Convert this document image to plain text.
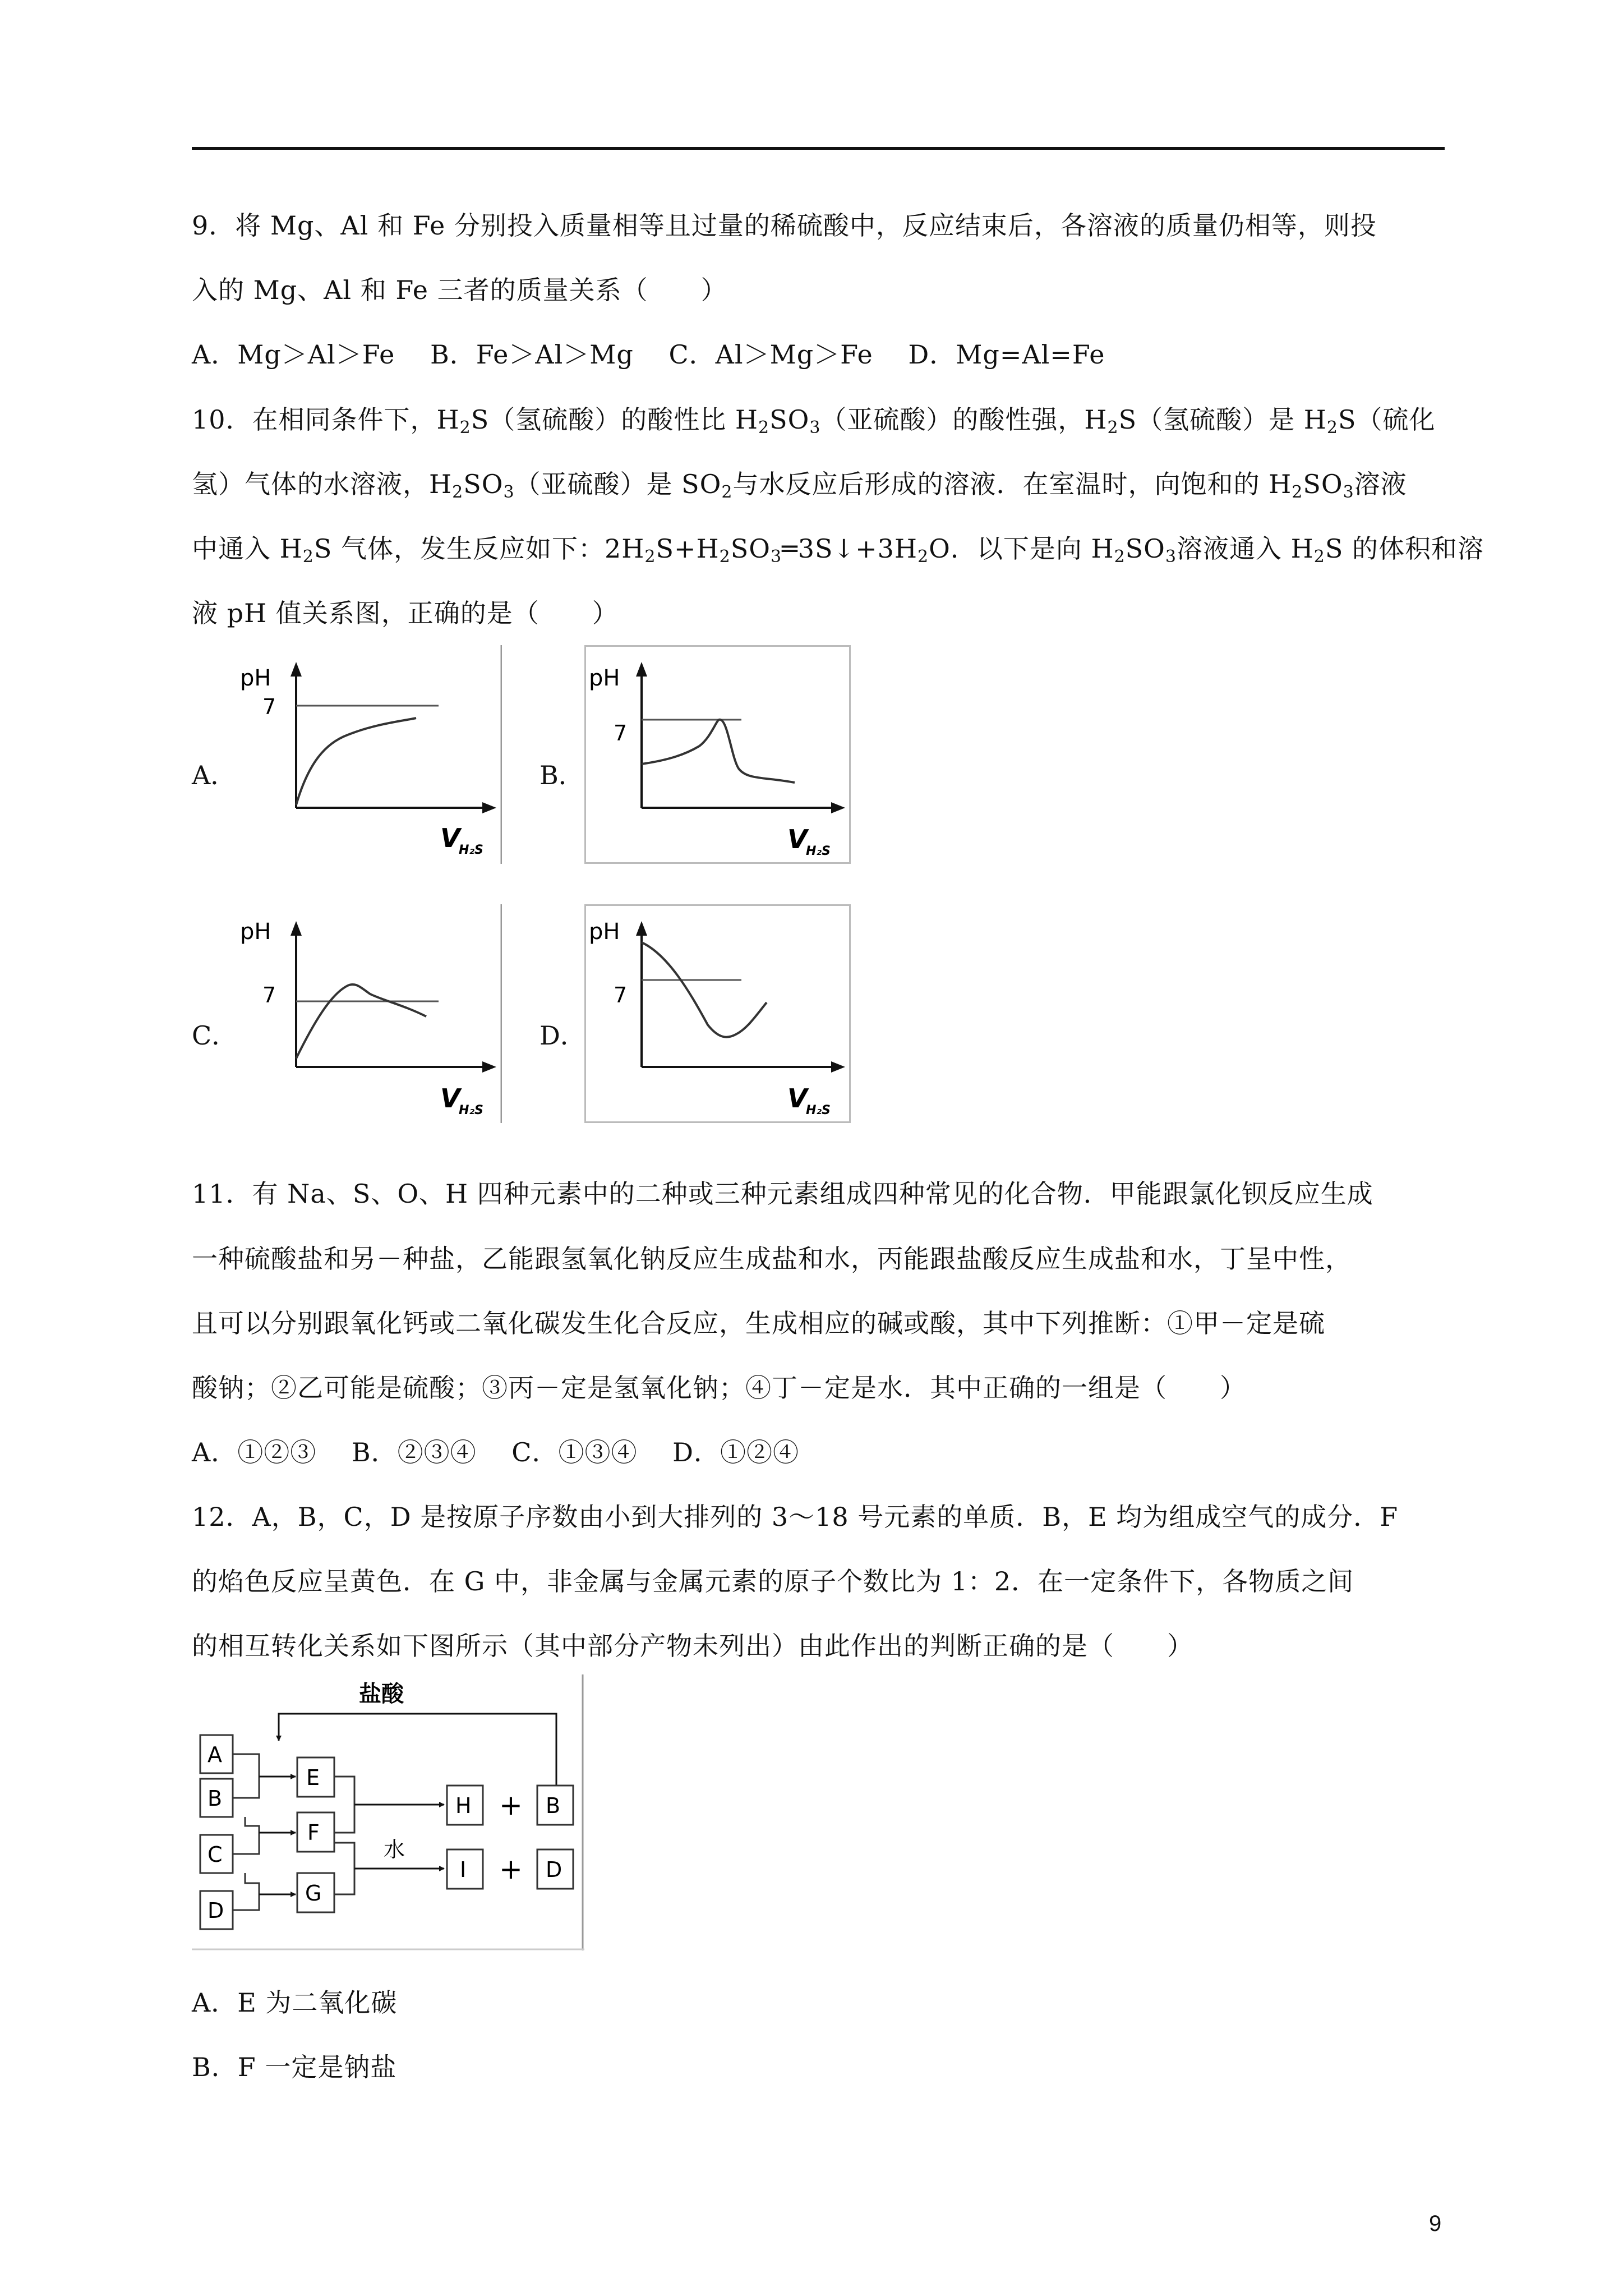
9．将 Mg、Al 和 Fe 分别投入质量相等且过量的稀硫酸中，反应结束后，各溶液的质量仍相等，则投
入的 Mg、Al 和 Fe 三者的质量关系（　　）
A．Mg＞Al＞Fe　 B．Fe＞Al＞Mg　 C．Al＞Mg＞Fe　 D．Mg=Al=Fe
10．在相同条件下，$H_2S$（氢硫酸）的酸性比 $H_2SO_3$（亚硫酸）的酸性强，$H_2S$（氢硫酸）是 $H_2S$（硫化
氢）气体的水溶液，$H_2SO_3$（亚硫酸）是 $SO_2$与水反应后形成的溶液．在室温时，向饱和的 $H_2SO_3$溶液
中通入 $H_2S$ 气体，发生反应如下：$2H_2S+H_2SO_3═3S↓+3H_2O$．以下是向 $H_2SO_3$溶液通入 $H_2S$ 的体积和溶
液 pH 值关系图，正确的是（　　）
A．	B．
C．	D．
pH
7
V
H₂S
pH
7
V
H₂S
pH
7
V
H₂S
pH
7
V
H₂S
11．有 Na、S、O、H 四种元素中的二种或三种元素组成四种常见的化合物．甲能跟氯化钡反应生成
一种硫酸盐和另－种盐，乙能跟氢氧化钠反应生成盐和水，丙能跟盐酸反应生成盐和水，丁呈中性，
且可以分别跟氧化钙或二氧化碳发生化合反应，生成相应的碱或酸，其中下列推断：①甲－定是硫
酸钠；②乙可能是硫酸；③丙－定是氢氧化钠；④丁－定是水．其中正确的一组是（　　）
A．①②③　 B．②③④　 C．①③④　 D．①②④
12．A，B，C，D 是按原子序数由小到大排列的 3～18 号元素的单质．B，E 均为组成空气的成分．F
的焰色反应呈黄色．在 G 中，非金属与金属元素的原子个数比为 1：2．在一定条件下，各物质之间
的相互转化关系如下图所示（其中部分产物未列出）由此作出的判断正确的是（　　）
盐酸
A
B
C
D
E
F
G
水
H + B
I + D
A．E 为二氧化碳
B．F 一定是钠盐
9
